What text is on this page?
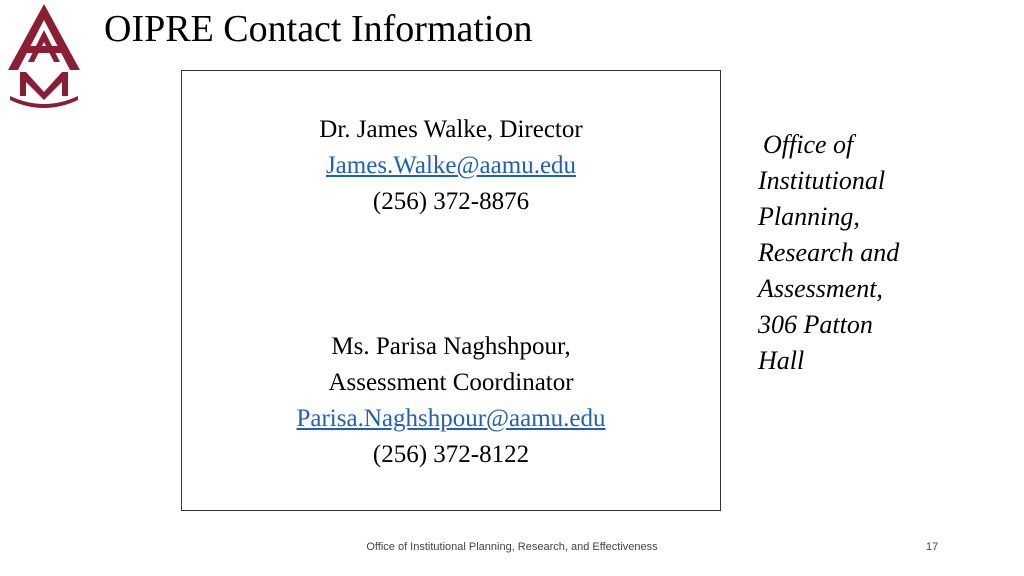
OIPRE Contact Information
Dr. James Walke, Director
James.Walke@aamu.edu
(256) 372-8876
Ms. Parisa Naghshpour,
Assessment Coordinator
Parisa.Naghshpour@aamu.edu
(256) 372-8122
Office of
Institutional
Planning,
Research and
Assessment,
306 Patton
Hall
Office of Institutional Planning, Research, and Effectiveness	17
